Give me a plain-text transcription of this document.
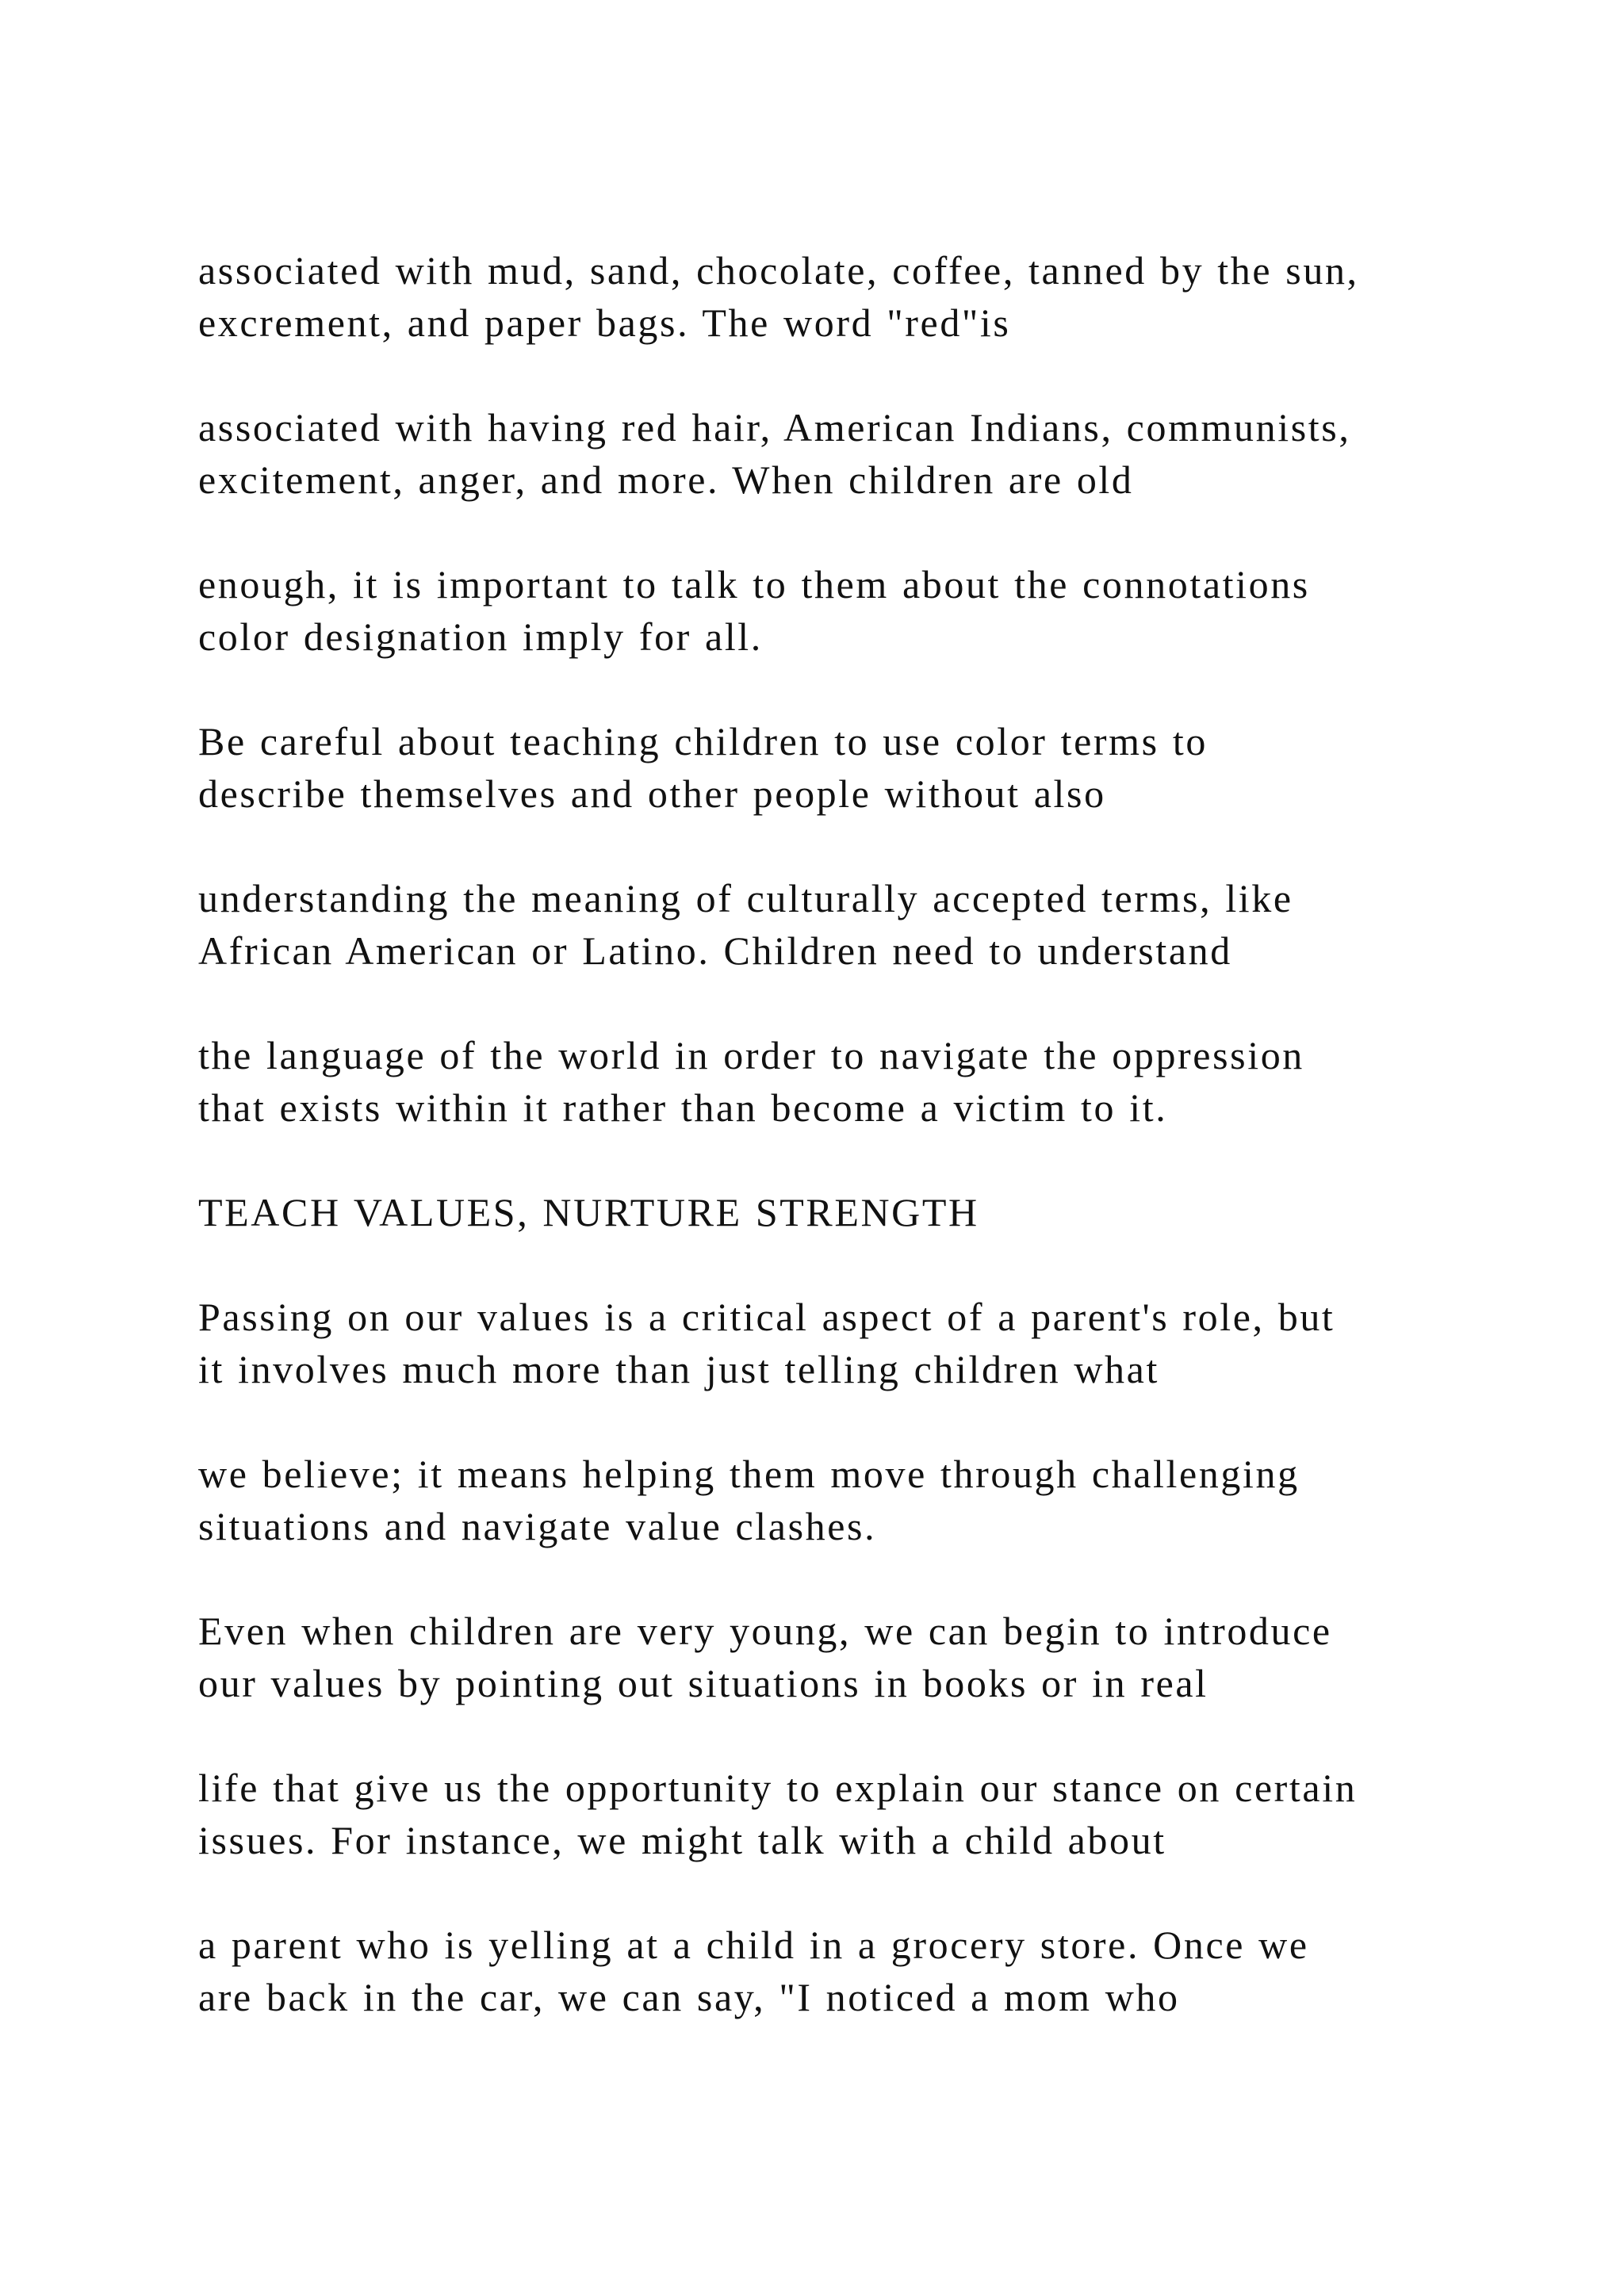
associated with mud, sand, chocolate, coffee, tanned by the sun,
excrement, and paper bags. The word "red"is

associated with having red hair, American Indians, communists,
excitement, anger, and more. When children are old

enough, it is important to talk to them about the connotations
color designation imply for all.

Be careful about teaching children to use color terms to
describe themselves and other people without also

understanding the meaning of culturally accepted terms, like
African American or Latino. Children need to understand

the language of the world in order to navigate the oppression
that exists within it rather than become a victim to it.

TEACH VALUES, NURTURE STRENGTH

Passing on our values is a critical aspect of a parent's role, but
it involves much more than just telling children what

we believe; it means helping them move through challenging
situations and navigate value clashes.

Even when children are very young, we can begin to introduce
our values by pointing out situations in books or in real

life that give us the opportunity to explain our stance on certain
issues. For instance, we might talk with a child about

a parent who is yelling at a child in a grocery store. Once we
are back in the car, we can say, "I noticed a mom who
